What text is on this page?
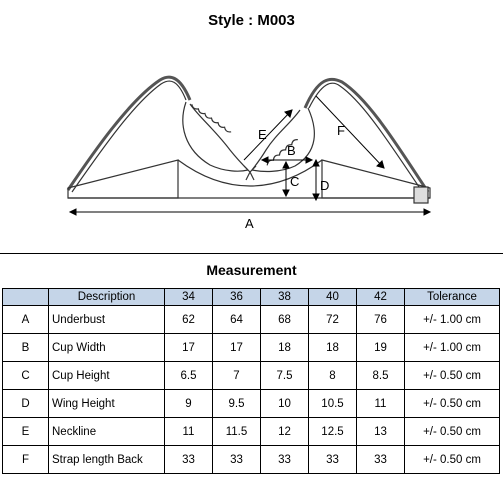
Style : M003
A
B
C D
E	F
Measurement
	Description	34	36	38	40	42	Tolerance
A	Underbust	62	64	68	72	76	+/- 1.00 cm
B	Cup Width	17	17	18	18	19	+/- 1.00 cm
C	Cup Height	6.5	7	7.5	8	8.5	+/- 0.50 cm
D	Wing Height	9	9.5	10	10.5	11	+/- 0.50 cm
E	Neckline	11	11.5	12	12.5	13	+/- 0.50 cm
F	Strap length Back	33	33	33	33	33	+/- 0.50 cm
